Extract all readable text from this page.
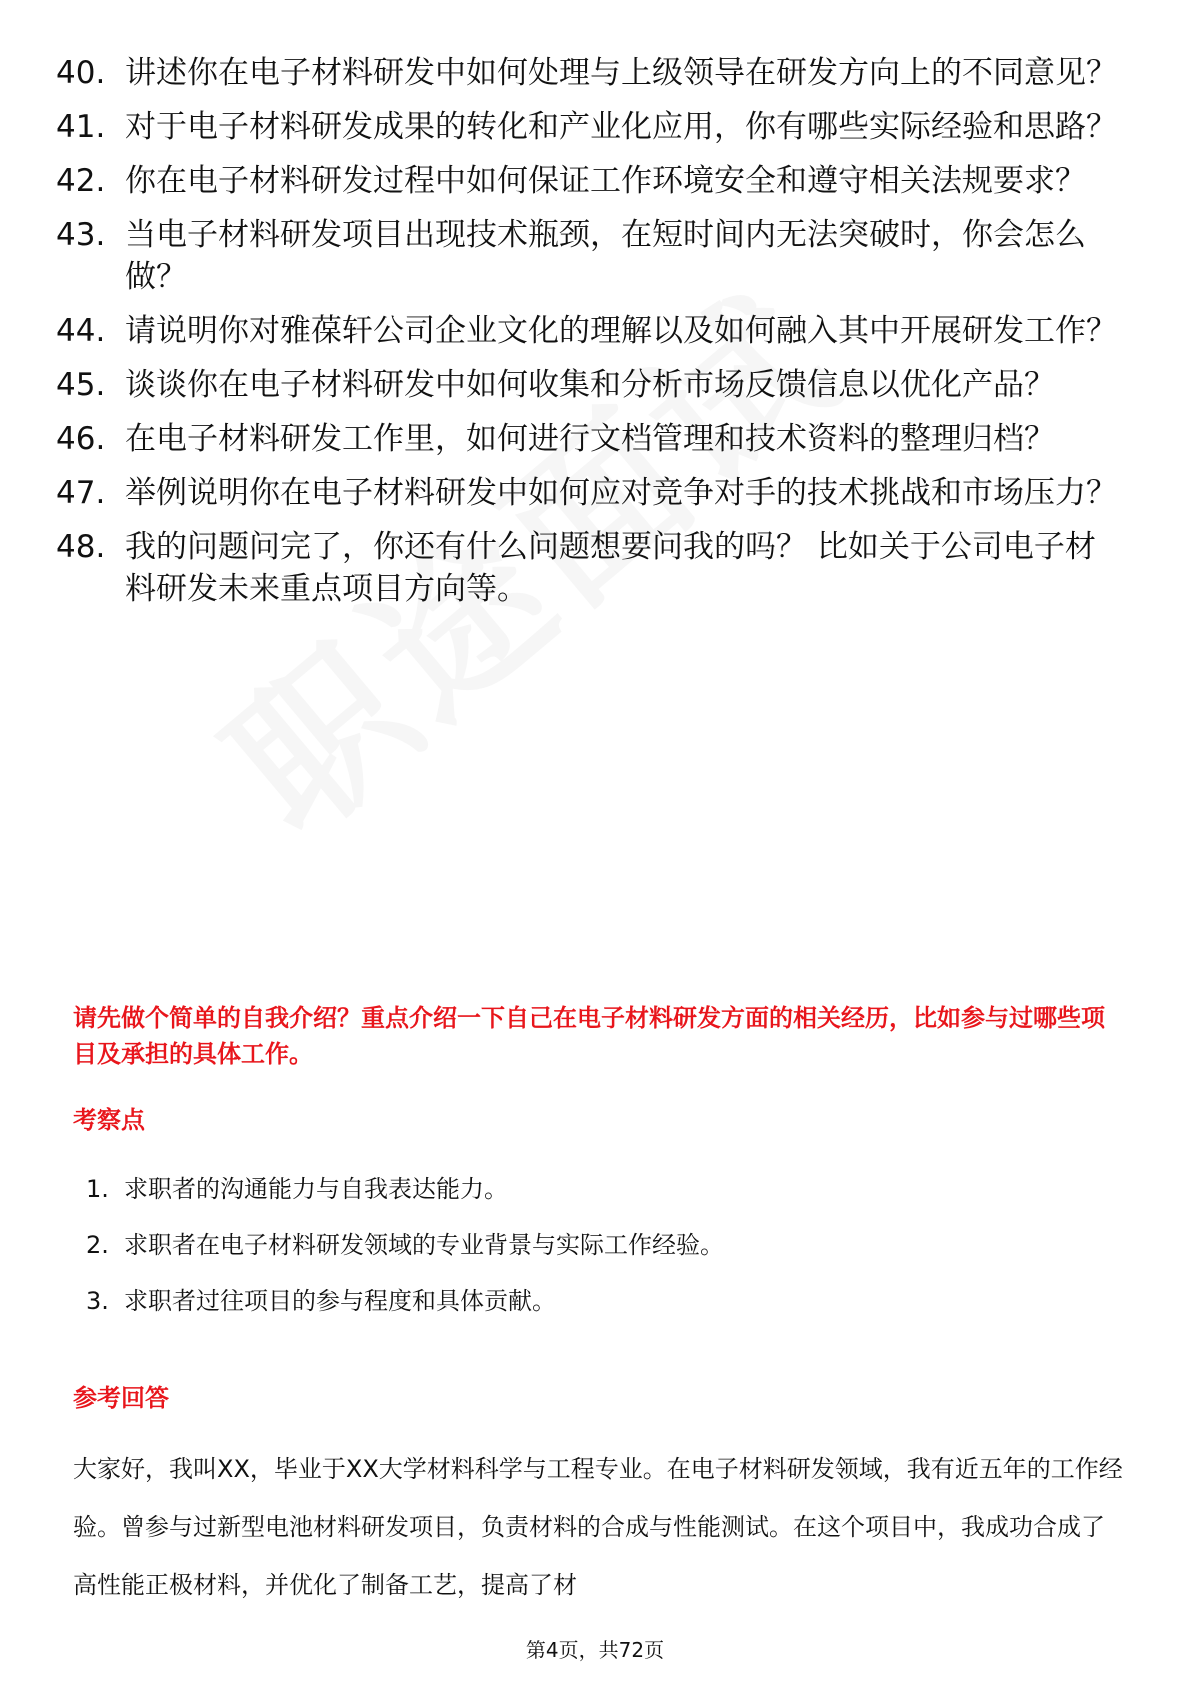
40. 讲述你在电子材料研发中如何处理与上级领导在研发方向上的不同意见？
41. 对于电子材料研发成果的转化和产业化应用，你有哪些实际经验和思路？
42. 你在电子材料研发过程中如何保证工作环境安全和遵守相关法规要求？
43. 当电子材料研发项目出现技术瓶颈，在短时间内无法突破时，你会怎么做？
44. 请说明你对雅葆轩公司企业文化的理解以及如何融入其中开展研发工作？
45. 谈谈你在电子材料研发中如何收集和分析市场反馈信息以优化产品？
46. 在电子材料研发工作里，如何进行文档管理和技术资料的整理归档？
47. 举例说明你在电子材料研发中如何应对竞争对手的技术挑战和市场压力？
48. 我的问题问完了，你还有什么问题想要问我的吗？ 比如关于公司电子材料研发未来重点项目方向等。

请先做个简单的自我介绍？重点介绍一下自己在电子材料研发方面的相关经历，比如参与过哪些项目及承担的具体工作。

考察点
1. 求职者的沟通能力与自我表达能力。
2. 求职者在电子材料研发领域的专业背景与实际工作经验。
3. 求职者过往项目的参与程度和具体贡献。
参考回答

大家好，我叫XX，毕业于XX大学材料科学与工程专业。在电子材料研发领域，我有近五年的工作经验。曾参与过新型电池材料研发项目，负责材料的合成与性能测试。在这个项目中，我成功合成了高性能正极材料，并优化了制备工艺，提高了材

第4页，共72页
